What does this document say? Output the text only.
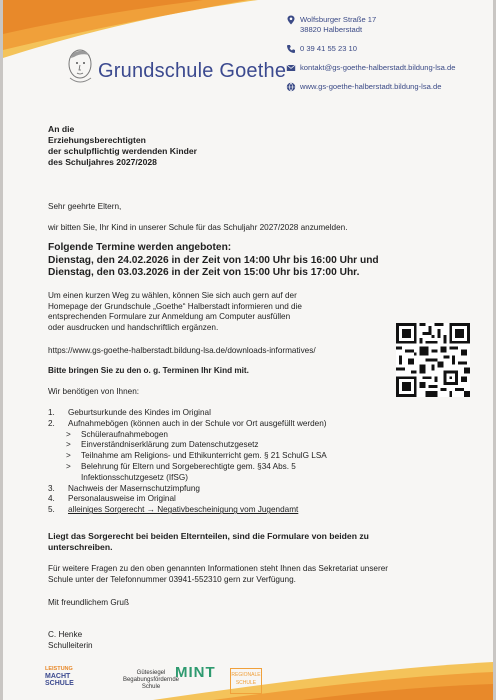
Grundschule Goethe
Wolfsburger Straße 17
38820 Halberstadt
0 39 41 55 23 10
kontakt@gs-goethe-halberstadt.bildung-lsa.de
www.gs-goethe-halberstadt.bildung-lsa.de
An die
Erziehungsberechtigten
der schulpflichtig werdenden Kinder
des Schuljahres 2027/2028
Sehr geehrte Eltern,
wir bitten Sie, Ihr Kind in unserer Schule für das Schuljahr 2027/2028 anzumelden.
Folgende Termine werden angeboten:
Dienstag, den 24.02.2026 in der Zeit von 14:00 Uhr bis 16:00 Uhr und
Dienstag, den 03.03.2026 in der Zeit von 15:00 Uhr bis 17:00 Uhr.
Um einen kurzen Weg zu wählen, können Sie sich auch gern auf der
Homepage der Grundschule „Goethe“ Halberstadt informieren und die
entsprechenden Formulare zur Anmeldung am Computer ausfüllen
oder ausdrucken und handschriftlich ergänzen.
https://www.gs-goethe-halberstadt.bildung-lsa.de/downloads-informatives/
Bitte bringen Sie zu den o. g. Terminen Ihr Kind mit.
Wir benötigen von Ihnen:
1.	Geburtsurkunde des Kindes im Original
2.	Aufnahmebögen (können auch in der Schule vor Ort ausgefüllt werden)
>	Schüleraufnahmebogen
>	Einverständniserklärung zum Datenschutzgesetz
>	Teilnahme am Religions- und Ethikunterricht gem. § 21 SchulG LSA
>	Belehrung für Eltern und Sorgeberechtigte gem. §34 Abs. 5
Infektionsschutzgesetz (IfSG)
3.	Nachweis der Masernschutzimpfung
4.	Personalausweise im Original
5.	alleiniges Sorgerecht → Negativbescheinigung vom Jugendamt
Liegt das Sorgerecht bei beiden Elternteilen, sind die Formulare von beiden zu
unterschreiben.
Für weitere Fragen zu den oben genannten Informationen steht Ihnen das Sekretariat unserer
Schule unter der Telefonnummer 03941-552310 gern zur Verfügung.
Mit freundlichem Gruß
C. Henke
Schulleiterin
LEISTUNG
MACHT
SCHULE
Gütesiegel
Begabungsfördernde
Schule
MINT	REGIONALE
SCHULE
